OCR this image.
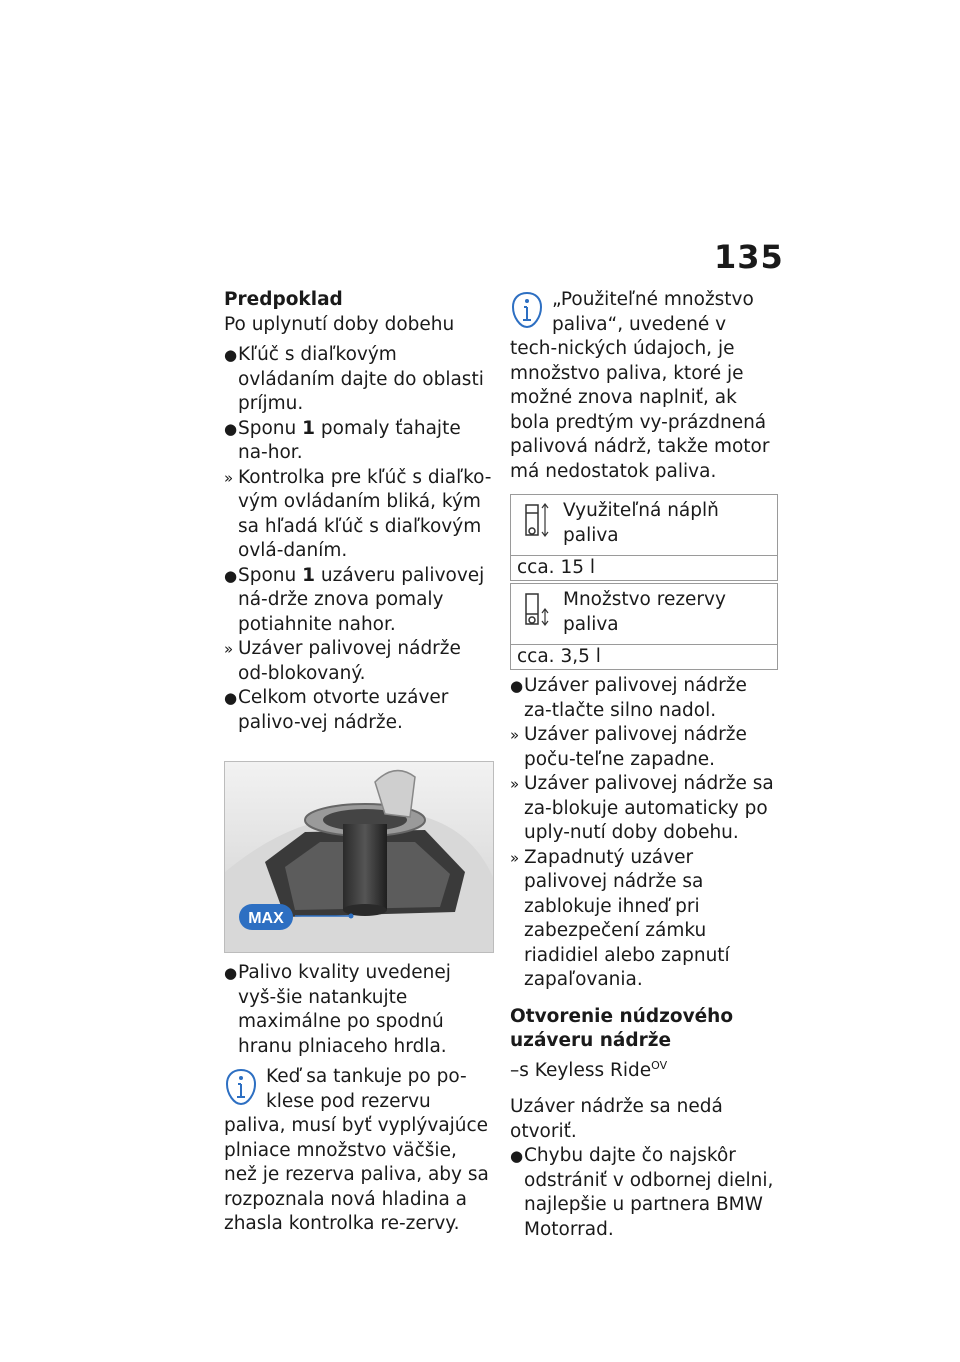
135

Predpoklad

Po uplynutí doby dobehu

● Kľúč s diaľkovým ovládaním dajte do oblasti príjmu.
● Sponu 1 pomaly ťahajte na-hor.
» Kontrolka pre kľúč s diaľko-vým ovládaním bliká, kým sa hľadá kľúč s diaľkovým ovlá-daním.
● Sponu 1 uzáveru palivovej ná-drže znova pomaly potiahnite nahor.
» Uzáver palivovej nádrže od-blokovaný.
● Celkom otvorte uzáver palivo-vej nádrže.
MAX
● Palivo kvality uvedenej vyš-šie natankujte maximálne po spodnú hranu plniaceho hrdla.
Keď sa tankuje po po-klese pod rezervu paliva, musí byť vyplývajúce plniace množstvo väčšie, než je rezerva paliva, aby sa rozpoznala nová hladina a zhasla kontrolka re-zervy.
„Použiteľné množstvo paliva“, uvedené v tech-nických údajoch, je množstvo paliva, ktoré je možné znova naplniť, ak bola predtým vy-prázdnená palivová nádrž, takže motor má nedostatok paliva.
Využiteľná náplň paliva
cca. 15 l
Množstvo rezervy paliva
cca. 3,5 l
● Uzáver palivovej nádrže za-tlačte silno nadol.
» Uzáver palivovej nádrže poču-teľne zapadne.
» Uzáver palivovej nádrže sa za-blokuje automaticky po uply-nutí doby dobehu.
» Zapadnutý uzáver palivovej nádrže sa zablokuje ihneď pri zabezpečení zámku riadidiel alebo zapnutí zapaľovania.

Otvorenie núdzového uzáveru nádrže

–s Keyless Ride$^{OV}$

Uzáver nádrže sa nedá otvoriť.

● Chybu dajte čo najskôr odstrániť v odbornej dielni, najlepšie u partnera BMW Motorrad.
